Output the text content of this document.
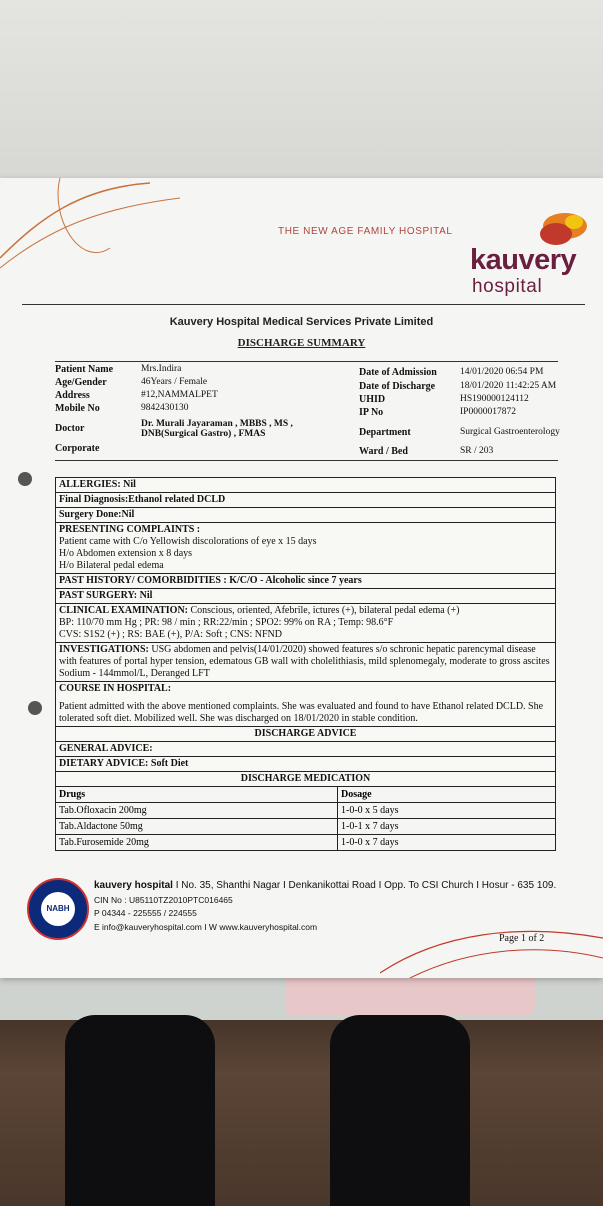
THE NEW AGE FAMILY HOSPITAL
kauvery
hospital
Kauvery Hospital Medical Services Private Limited
DISCHARGE SUMMARY
Patient Name	Mrs.Indira
Age/Gender	46Years / Female
Address	#12,NAMMALPET
Mobile No	9842430130
Doctor	Dr. Murali Jayaraman , MBBS , MS , DNB(Surgical Gastro) , FMAS
Corporate
Date of Admission 14/01/2020 06:54 PM
Date of Discharge	18/01/2020 11:42:25 AM
UHID	HS190000124112
IP No	IP0000017872
Department	Surgical Gastroenterology
Ward / Bed	SR / 203
ALLERGIES: Nil
Final Diagnosis:Ethanol related DCLD
Surgery Done:Nil
PRESENTING COMPLAINTS :
Patient came with C/o Yellowish discolorations of eye x 15 days
H/o Abdomen extension x 8 days
H/o Bilateral pedal edema
PAST HISTORY/ COMORBIDITIES : K/C/O - Alcoholic since 7 years
PAST SURGERY: Nil
CLINICAL EXAMINATION: Conscious, oriented, Afebrile, ictures (+), bilateral pedal edema (+)
BP: 110/70 mm Hg ; PR: 98 / min ; RR:22/min ; SPO2: 99% on RA ; Temp: 98.6°F
CVS: S1S2 (+) ; RS: BAE (+), P/A: Soft ; CNS: NFND
INVESTIGATIONS: USG abdomen and pelvis(14/01/2020) showed features s/o schronic hepatic parencymal disease with features of portal hyper tension, edematous GB wall with cholelithiasis, mild splenomegaly, moderate to gross ascites
Sodium - 144mmol/L, Deranged LFT
COURSE IN HOSPITAL:
Patient admitted with the above mentioned complaints. She was evaluated and found to have Ethanol related DCLD. She tolerated soft diet. Mobilized well. She was discharged on 18/01/2020 in stable condition.
DISCHARGE ADVICE
GENERAL ADVICE:
DIETARY ADVICE: Soft Diet
DISCHARGE MEDICATION
Drugs	Dosage
Tab.Ofloxacin 200mg	1-0-0 x 5 days
Tab.Aldactone 50mg	1-0-1 x 7 days
Tab.Furosemide 20mg	1-0-0 x 7 days
NABH
kauvery hospital I No. 35, Shanthi Nagar I Denkanikottai Road I Opp. To CSI Church I Hosur - 635 109.
CIN No : U85110TZ2010PTC016465
P 04344 - 225555 / 224555
E info@kauveryhospital.com I W www.kauveryhospital.com
Page 1 of 2
